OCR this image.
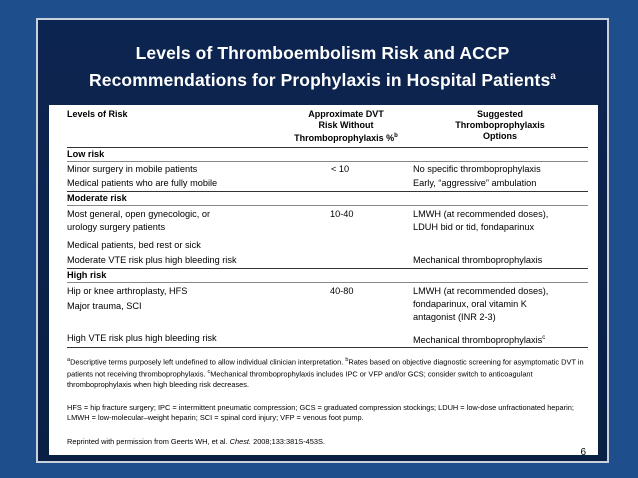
Levels of Thromboembolism Risk and ACCP
Recommendations for Prophylaxis in Hospital Patients$^a$
Levels of Risk	Approximate DVT
Risk Without
Thromboprophylaxis %$^b$
Suggested
Thromboprophylaxis
Options
Low risk
Minor surgery in mobile patients	< 10	No specific thromboprophylaxis
Medical patients who are fully mobile	Early, “aggressive” ambulation
Moderate risk
Most general, open gynecologic, or
urology surgery patients
10-40	LMWH (at recommended doses),
LDUH bid or tid, fondaparinux
Medical patients, bed rest or sick
Moderate VTE risk plus high bleeding risk	Mechanical thromboprophylaxis
High risk
Hip or knee arthroplasty, HFS
Major trauma, SCI
40-80	LMWH (at recommended doses),
fondaparinux, oral vitamin K
antagonist (INR 2-3)
High VTE risk plus high bleeding risk	Mechanical thromboprophylaxis$^c$
$^a$Descriptive terms purposely left undefined to allow individual clinician interpretation. $^b$Rates based on objective diagnostic screening for asymptomatic DVT in patients not receiving thromboprophylaxis. $^c$Mechanical thromboprophylaxis includes IPC or VFP and/or GCS; consider switch to anticoagulant thromboprophylaxis when high bleeding risk decreases.
HFS = hip fracture surgery; IPC = intermittent pneumatic compression; GCS = graduated compression stockings; LDUH = low-dose unfractionated heparin; LMWH = low-molecular–weight heparin; SCI = spinal cord injury; VFP = venous foot pump.
Reprinted with permission from Geerts WH, et al. Chest. 2008;133:381S-453S.
6
